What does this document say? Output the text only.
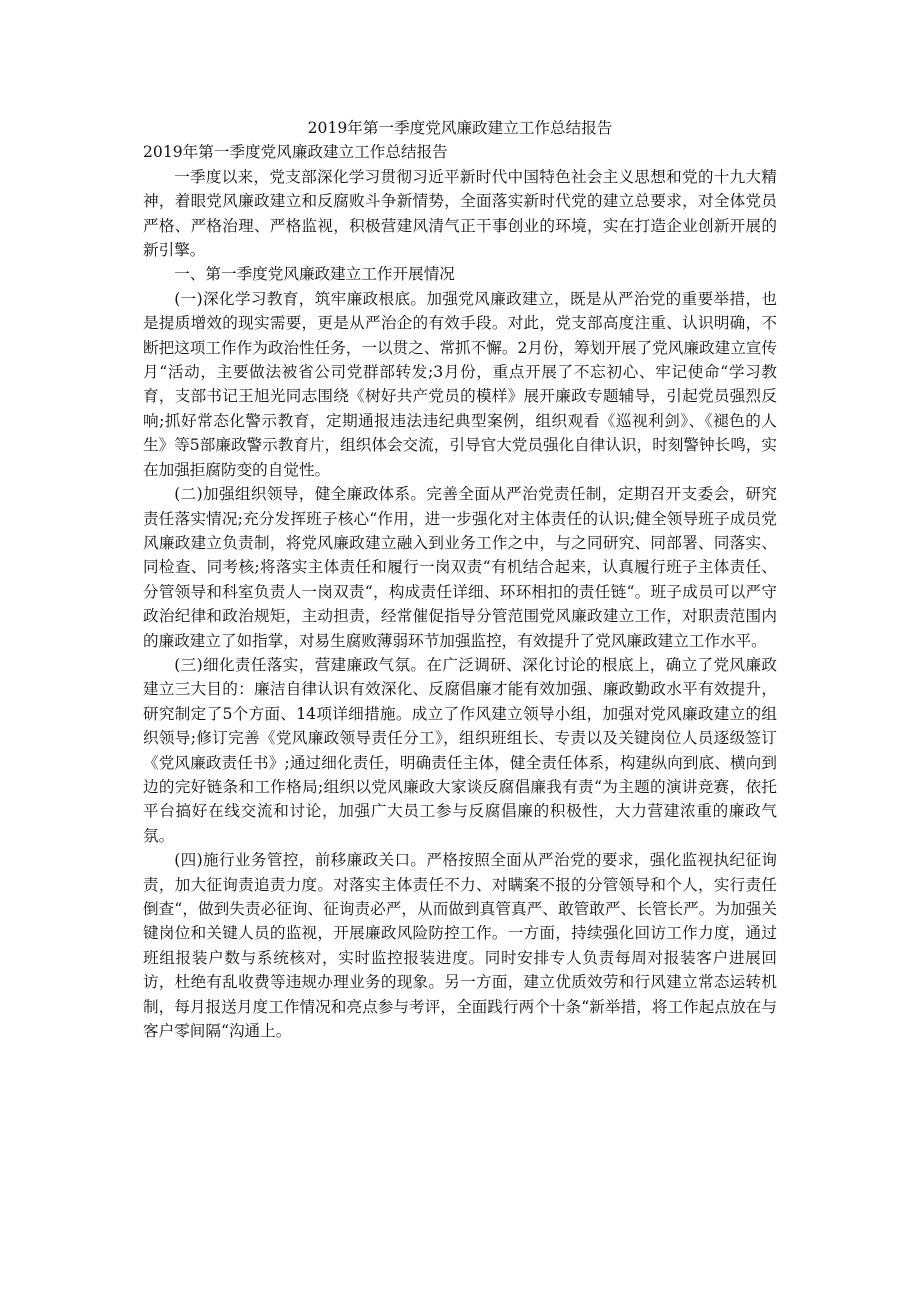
2019年第一季度党风廉政建立工作总结报告
2019年第一季度党风廉政建立工作总结报告

一季度以来，党支部深化学习贯彻习近平新时代中国特色社会主义思想和党的十九大精神，着眼党风廉政建立和反腐败斗争新情势，全面落实新时代党的建立总要求，对全体党员严格、严格治理、严格监视，积极营建风清气正干事创业的环境，实在打造企业创新开展的新引擎。

一、第一季度党风廉政建立工作开展情况

(一)深化学习教育，筑牢廉政根底。加强党风廉政建立，既是从严治党的重要举措，也是提质增效的现实需要，更是从严治企的有效手段。对此，党支部高度注重、认识明确，不断把这项工作作为政治性任务，一以贯之、常抓不懈。2月份，筹划开展了党风廉政建立宣传月“活动，主要做法被省公司党群部转发;3月份，重点开展了不忘初心、牢记使命“学习教育，支部书记王旭光同志围绕《树好共产党员的模样》展开廉政专题辅导，引起党员强烈反响;抓好常态化警示教育，定期通报违法违纪典型案例，组织观看《巡视利剑》、《褪色的人生》等5部廉政警示教育片，组织体会交流，引导官大党员强化自律认识，时刻警钟长鸣，实在加强拒腐防变的自觉性。

(二)加强组织领导，健全廉政体系。完善全面从严治党责任制，定期召开支委会，研究责任落实情况;充分发挥班子核心“作用，进一步强化对主体责任的认识;健全领导班子成员党风廉政建立负责制，将党风廉政建立融入到业务工作之中，与之同研究、同部署、同落实、同检查、同考核;将落实主体责任和履行一岗双责“有机结合起来，认真履行班子主体责任、分管领导和科室负责人一岗双责“，构成责任详细、环环相扣的责任链“。班子成员可以严守政治纪律和政治规矩，主动担责，经常催促指导分管范围党风廉政建立工作，对职责范围内的廉政建立了如指掌，对易生腐败薄弱环节加强监控，有效提升了党风廉政建立工作水平。

(三)细化责任落实，营建廉政气氛。在广泛调研、深化讨论的根底上，确立了党风廉政建立三大目的：廉洁自律认识有效深化、反腐倡廉才能有效加强、廉政勤政水平有效提升，研究制定了5个方面、14项详细措施。成立了作风建立领导小组，加强对党风廉政建立的组织领导;修订完善《党风廉政领导责任分工》，组织班组长、专责以及关键岗位人员逐级签订《党风廉政责任书》;通过细化责任，明确责任主体，健全责任体系，构建纵向到底、横向到边的完好链条和工作格局;组织以党风廉政大家谈反腐倡廉我有责“为主题的演讲竞赛，依托平台搞好在线交流和讨论，加强广大员工参与反腐倡廉的积极性，大力营建浓重的廉政气氛。

(四)施行业务管控，前移廉政关口。严格按照全面从严治党的要求，强化监视执纪征询责，加大征询责追责力度。对落实主体责任不力、对瞒案不报的分管领导和个人，实行责任倒查“，做到失责必征询、征询责必严，从而做到真管真严、敢管敢严、长管长严。为加强关键岗位和关键人员的监视，开展廉政风险防控工作。一方面，持续强化回访工作力度，通过班组报装户数与系统核对，实时监控报装进度。同时安排专人负责每周对报装客户进展回访，杜绝有乱收费等违规办理业务的现象。另一方面，建立优质效劳和行风建立常态运转机制，每月报送月度工作情况和亮点参与考评，全面践行两个十条“新举措，将工作起点放在与客户零间隔“沟通上。
